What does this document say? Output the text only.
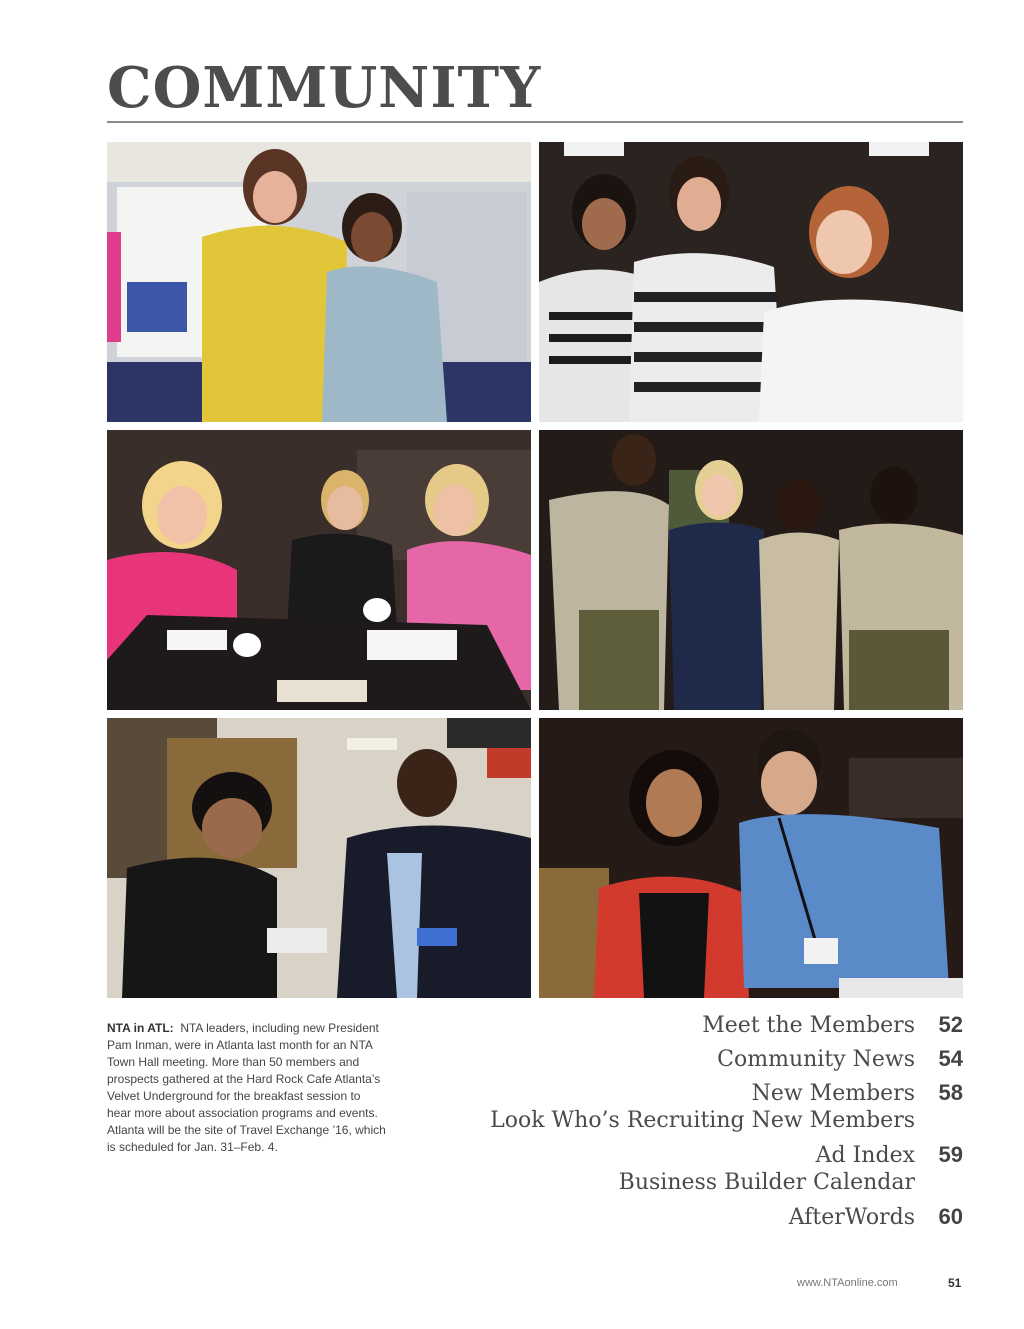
COMMUNITY

NTA in ATL: NTA leaders, including new President Pam Inman, were in Atlanta last month for an NTA Town Hall meeting. More than 50 members and prospects gathered at the Hard Rock Cafe Atlanta’s Velvet Underground for the breakfast session to hear more about association programs and events. Atlanta will be the site of Travel Exchange ’16, which is scheduled for Jan. 31–Feb. 4.

Meet the Members	52
Community News	54
New Members	58
Look Who’s Recruiting New Members
Ad Index	59
Business Builder Calendar
AfterWords	60
www.NTAonline.com	51
